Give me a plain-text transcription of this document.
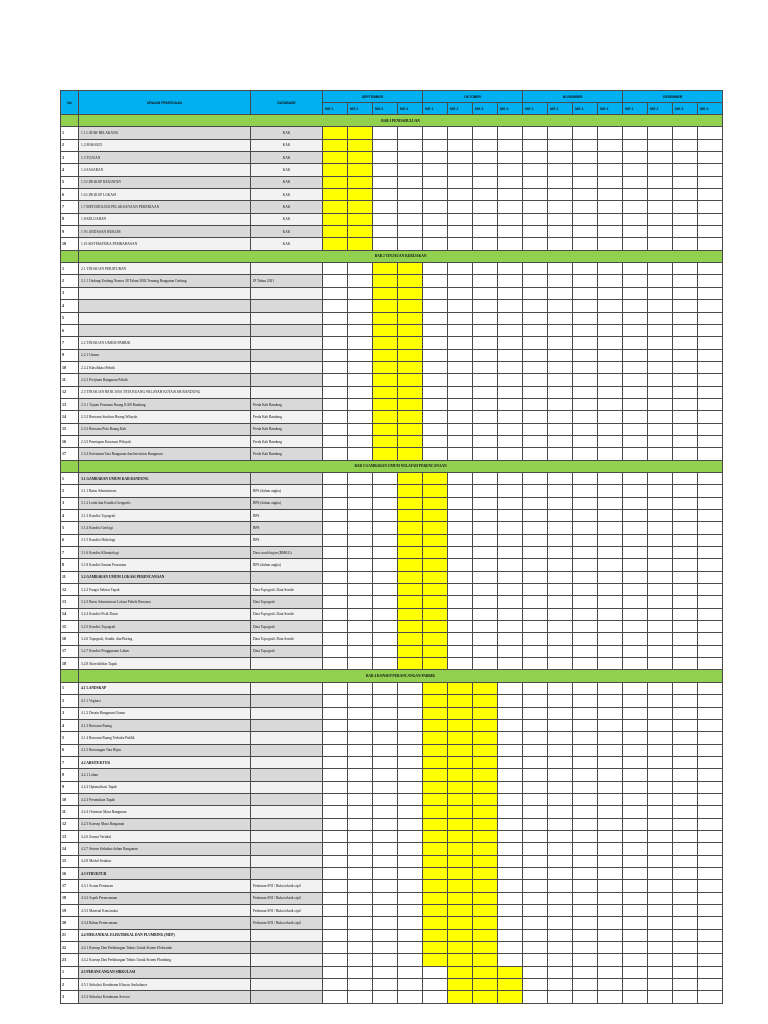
No	URAIAN PEKERJAAN	DATABASE	SEPTEMBER				OKTOBER				NOVEMBER				DESEMBER			
			MG 1	MG 2	MG 3	MG 4	MG 1	MG 2	MG 3	MG 4	MG 1	MG 2	MG 3	MG 4	MG 1	MG 2	MG 3	MG 4
	BAB I PENDAHULUAN																	
1	1.1 LATAR BELAKANG	KAK																
2	1.2 MAKSUD	KAK																
3	1.3 TUJUAN	KAK																
4	1.4 SASARAN	KAK																
5	1.5 LINGKUP KEGIATAN	KAK																
6	1.6 LINGKUP LOKASI	KAK																
7	1.7 METODOLOGI PELAKSANAAN PEKERJAAN	KAK																
8	1.8 KELUARAN	KAK																
9	1.9 LANDASAN HUKUM	KAK																
10	1.10 SISTEMATIKA PEMBAHASAN	KAK																
	BAB 2 TINJAUAN KEBIJAKAN																	
1	2.1 TINJAUAN PERATURAN																	
2	2.1.1 Undang-Undang Nomor 28 Tahun 2002 Tentang Bangunan Gedung	JP Tahun 2021																
3																		
4																		
5																		
6																		
7	2.2 TINJAUAN UMUM PABRIK																	
9	2.2.1 Umum																	
10	2.2.2 Klasifikasi Pabrik																	
11	2.2.3 Perijinan Bangunan Pabrik																	
12	2.3 TINJAUAN RENCANA TATA RUANG WILAYAH KOTA/KAB BANDUNG																	
13	2.3.1 Tujuan Penataan Ruang KAB Bandung	Perda Kab Bandung																
14	2.3.2 Rencana Struktur Ruang Wilayah	Perda Kab Bandung																
15	2.3.3 Rencana Pola Ruang Kab	Perda Kab Bandung																
16	2.3.3 Penetapan Kawasan Wilayah	Perda Kab Bandung																
17	2.3.4 Ketentuan Tata Bangunan dan Intensitas Bangunan	Perda Kab Bandung																
	BAB 3 GAMBARAN UMUM WILAYAH PERENCANAAN																	
1	3.1 GAMBARAN UMUM KAB BANDUNG																	
2	3.1.1 Batas Administrasi	BPS (dalam angka)																
3	3.1.2 Letak dan Kondisi Geografis	BPS (dalam angka)																
4	3.1.3 Kondisi Topografi	BPS																
5	3.1.4 Kondisi Geologi	BPS																
6	3.1.5 Kondisi Hidrologi	BPS																
7	3.1.6 Kondisi Klimatologi	Data curah hujan (BMKG)																
8	3.1.8 Kondisi Sarana Prasarana	BPS (dalam angka)																
11	3.2 GAMBARAN UMUM LOKASI PERENCANAAN																	
12	3.2.2 Fungsi Sekitar Tapak	Data Topografi, Data Sondir																
13	3.2.3 Batas Administrasi Lokasi Pabrik Rencana	Data Topografi																
14	3.2.4 Kondisi Fisik Dasar	Data Topografi, Data Sondir																
15	3.2.5 Kondisi Topografi	Data Topografi																
16	3.2.6 Topografi, Sondir, dan Boring	Data Topografi, Data Sondir																
17	3.2.7 Kondisi Penggunaan Lahan	Data Topografi																
18	3.2.8 Aksesibilitas Tapak																	
	BAB 4 KONSEP PERANCANGAN PABRIK																	
1	4.1 LANDSKAP																	
2	4.1.1 Vegitasi																	
3	4.1.2 Desain Bangunan Utama																	
4	4.1.3 Rencana Ruang																	
5	4.1.4 Rencana Ruang Terbuka Publik																	
6	4.1.5 Rencangan Tata Hijau																	
7	4.2 ARSITEKTUR																	
8	4.2.1 Lahan																	
9	4.2.2 Optimalisasi Tapak																	
10	4.2.3 Peruntukan Tapak																	
11	4.2.4 Orientasi Masa Bangunan																	
12	4.2.5 Konsep Masa Bangunan																	
13	4.2.6 Zonasi Vertikal																	
14	4.2.7 Sistem Sirkulasi dalam Bangunan																	
15	4.2.8 Modul Struktur																	
16	4.3 STRUKTUR																	
17	4.3.1 Acuan Peraturan	Pedoman SNI / Buku teknik sipil																
18	4.3.2 Aspek Perencanaan	Pedoman SNI / Buku teknik sipil																
19	4.3.3 Material Konstruksi	Pedoman SNI / Buku teknik sipil																
20	4.3.4 Beban Perencanaan	Pedoman SNI / Buku teknik sipil																
21	4.4 MEKANIKAL ELEKTRIKAL DAN PLUMBING (MEP)																	
22	4.4.1 Konsep Dan Perhitungan Teknis Untuk Sistem Elektronik																	
23	4.4.2 Konsep Dan Perhitungan Teknis Untuk Sistem Plumbing																	
1	4.5 PERANCANGAN SIRKULASI																	
2	4.5.1 Sirkulasi Kendaraan Khusus Ambulance																	
3	4.5.2 Sirkulasi Kendaraan Service																	
